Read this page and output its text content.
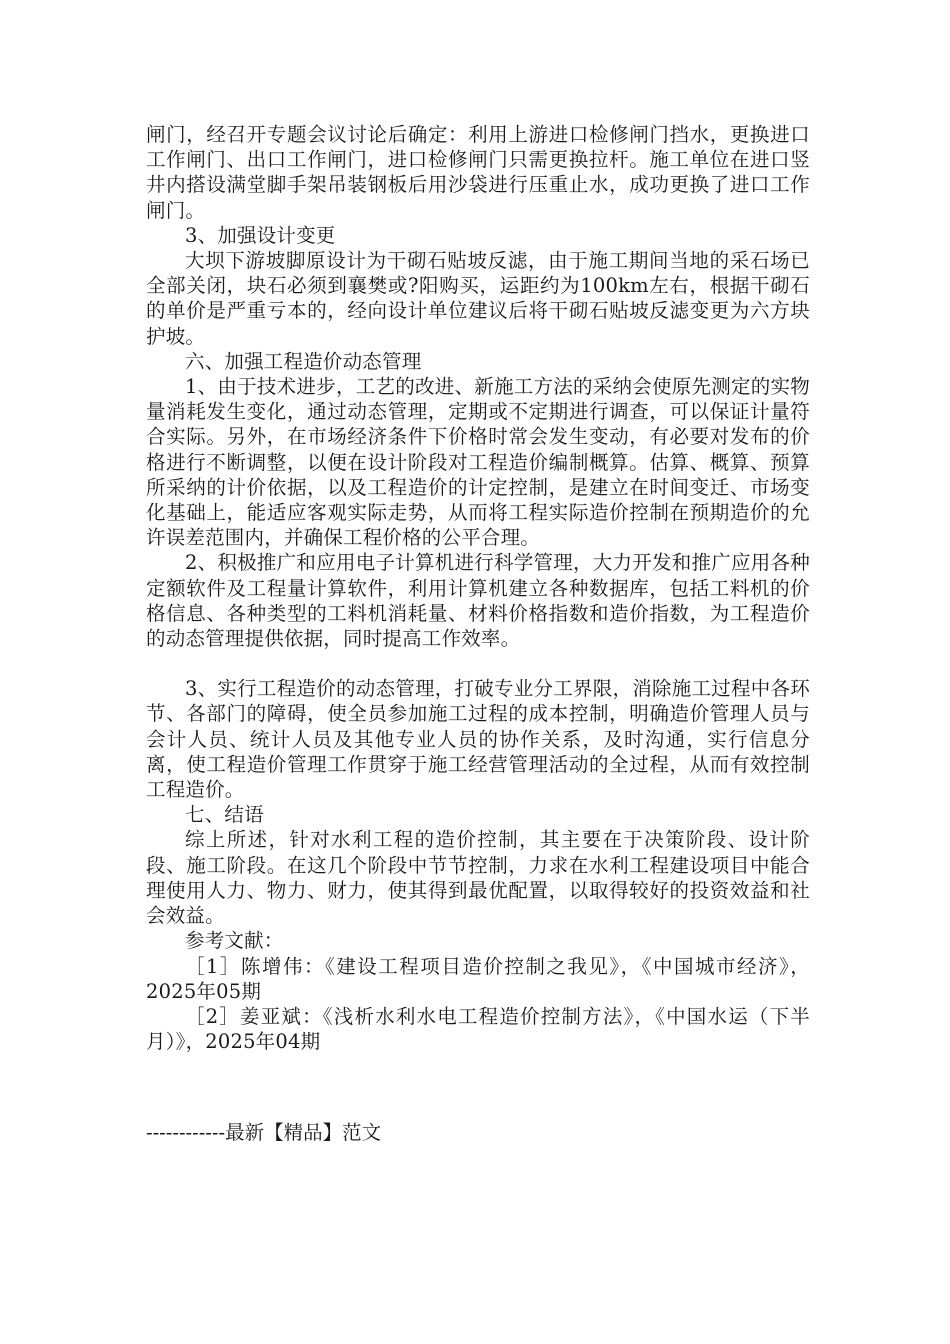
闸门，经召开专题会议讨论后确定：利用上游进口检修闸门挡水，更换进口工作闸门、出口工作闸门，进口检修闸门只需更换拉杆。施工单位在进口竖井内搭设满堂脚手架吊装钢板后用沙袋进行压重止水，成功更换了进口工作闸门。

3、加强设计变更

大坝下游坡脚原设计为干砌石贴坡反滤，由于施工期间当地的采石场已全部关闭，块石必须到襄樊或?阳购买，运距约为100km左右，根据干砌石的单价是严重亏本的，经向设计单位建议后将干砌石贴坡反滤变更为六方块护坡。

六、加强工程造价动态管理

1、由于技术进步，工艺的改进、新施工方法的采纳会使原先测定的实物量消耗发生变化，通过动态管理，定期或不定期进行调查，可以保证计量符合实际。另外，在市场经济条件下价格时常会发生变动，有必要对发布的价格进行不断调整，以便在设计阶段对工程造价编制概算。估算、概算、预算所采纳的计价依据，以及工程造价的计定控制，是建立在时间变迁、市场变化基础上，能适应客观实际走势，从而将工程实际造价控制在预期造价的允许误差范围内，并确保工程价格的公平合理。

2、积极推广和应用电子计算机进行科学管理，大力开发和推广应用各种定额软件及工程量计算软件，利用计算机建立各种数据库，包括工料机的价格信息、各种类型的工料机消耗量、材料价格指数和造价指数，为工程造价的动态管理提供依据，同时提高工作效率。

3、实行工程造价的动态管理，打破专业分工界限，消除施工过程中各环节、各部门的障碍，使全员参加施工过程的成本控制，明确造价管理人员与会计人员、统计人员及其他专业人员的协作关系，及时沟通，实行信息分离，使工程造价管理工作贯穿于施工经营管理活动的全过程，从而有效控制工程造价。

七、结语

综上所述，针对水利工程的造价控制，其主要在于决策阶段、设计阶段、施工阶段。在这几个阶段中节节控制，力求在水利工程建设项目中能合理使用人力、物力、财力，使其得到最优配置，以取得较好的投资效益和社会效益。

参考文献：

［1］陈增伟：《建设工程项目造价控制之我见》，《中国城市经济》，2025年05期

［2］姜亚斌：《浅析水利水电工程造价控制方法》，《中国水运（下半月）》，2025年04期

------------最新【精品】范文
